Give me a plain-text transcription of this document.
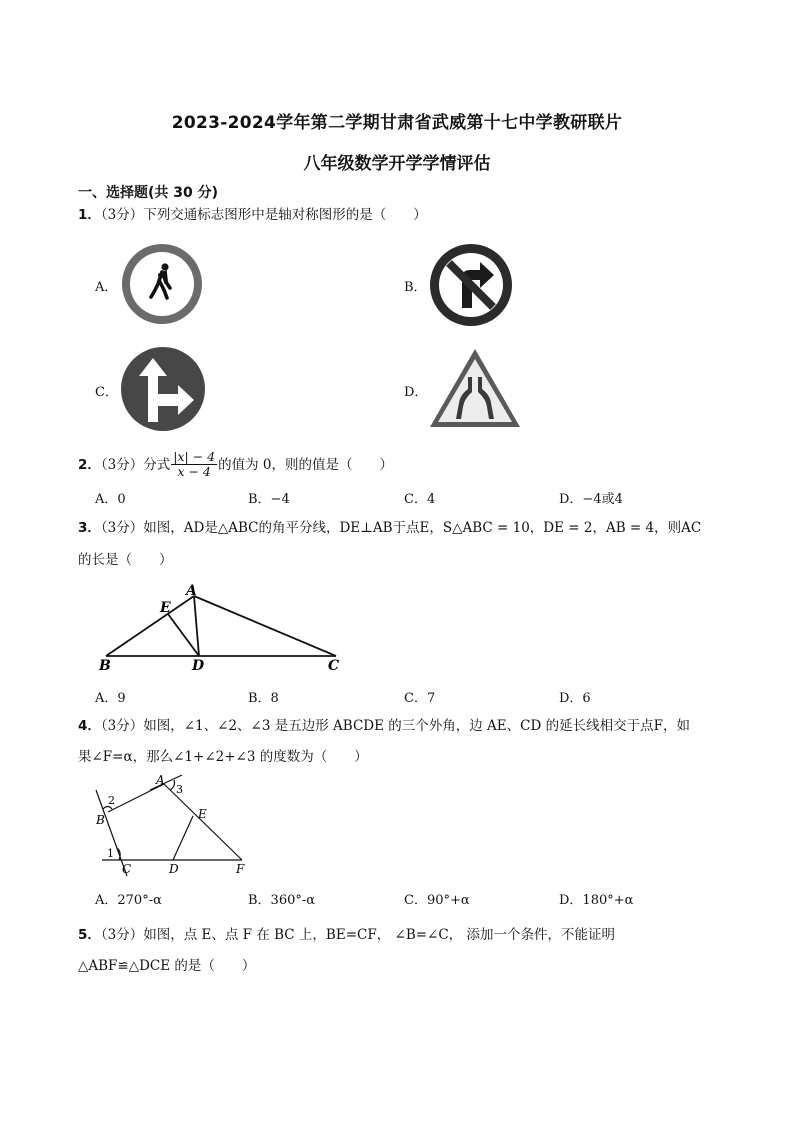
2023-2024学年第二学期甘肃省武威第十七中学教研联片
八年级数学开学学情评估
一、选择题(共 30 分)
1．（3分）下列交通标志图形中是轴对称图形的是（　　）
A．	B．
C．	D．
2．（3分）分式 $\frac{|x| - 4}{x - 4}$ 的值为 0，则的值是（　　）
A．0	B．−4	C．4	D．−4或4
3．（3分）如图，AD是△ABC的角平分线，DE⊥AB于点E，S△ABC = 10，DE = 2，AB = 4，则AC
的长是（　　）
A
E
B	D	C
A．9	B．8	C．7	D．6
4．（3分）如图，∠1、∠2、∠3 是五边形 ABCDE 的三个外角，边 AE、CD 的延长线相交于点F，如
果∠F=α，那么∠1+∠2+∠3 的度数为（　　）
A
B
C	D
E
F
1
2
3
A．270°-α	B．360°-α	C．90°+α	D．180°+α
5．（3分）如图，点 E、点 F 在 BC 上，BE=CF， ∠B=∠C， 添加一个条件，不能证明
△ABF≌△DCE 的是（　　）
